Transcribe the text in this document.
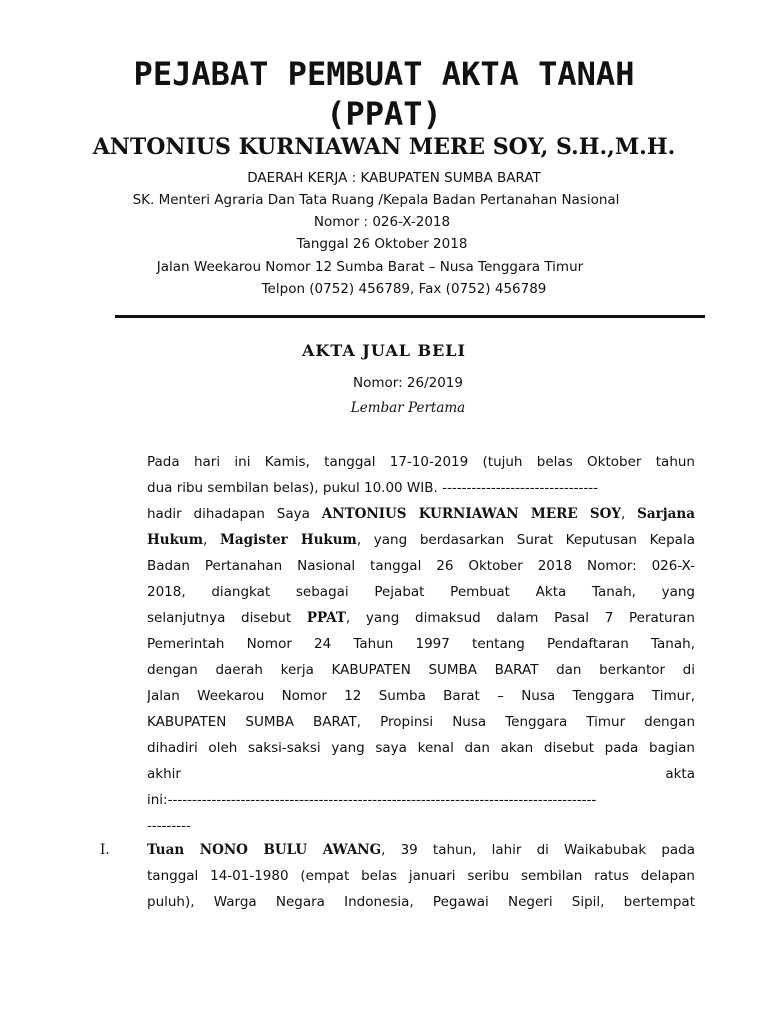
PEJABAT PEMBUAT AKTA TANAH
(PPAT)
ANTONIUS KURNIAWAN MERE SOY, S.H.,M.H.
DAERAH KERJA : KABUPATEN SUMBA BARAT
SK. Menteri Agraria Dan Tata Ruang /Kepala Badan Pertanahan Nasional
Nomor : 026-X-2018
Tanggal 26 Oktober 2018
Jalan Weekarou Nomor 12 Sumba Barat – Nusa Tenggara Timur
Telpon (0752) 456789, Fax (0752) 456789
AKTA JUAL BELI
Nomor: 26/2019
Lembar Pertama
Pada hari ini Kamis, tanggal 17-10-2019 (tujuh belas Oktober tahun
dua ribu sembilan belas), pukul 10.00 WIB. --------------------------------
hadir dihadapan Saya ANTONIUS KURNIAWAN MERE SOY, Sarjana
Hukum, Magister Hukum, yang berdasarkan Surat Keputusan Kepala
Badan Pertanahan Nasional tanggal 26 Oktober 2018 Nomor: 026-X-
2018, diangkat sebagai Pejabat Pembuat Akta Tanah, yang
selanjutnya disebut PPAT, yang dimaksud dalam Pasal 7 Peraturan
Pemerintah Nomor 24 Tahun 1997 tentang Pendaftaran Tanah,
dengan daerah kerja KABUPATEN SUMBA BARAT dan berkantor di
Jalan Weekarou Nomor 12 Sumba Barat – Nusa Tenggara Timur,
KABUPATEN SUMBA BARAT, Propinsi Nusa Tenggara Timur dengan
dihadiri oleh saksi-saksi yang saya kenal dan akan disebut pada bagian
akhir	akta
ini:----------------------------------------------------------------------------------------
---------
I.	Tuan NONO BULU AWANG, 39 tahun, lahir di Waikabubak pada
tanggal 14-01-1980 (empat belas januari seribu sembilan ratus delapan
puluh), Warga Negara Indonesia, Pegawai Negeri Sipil, bertempat
